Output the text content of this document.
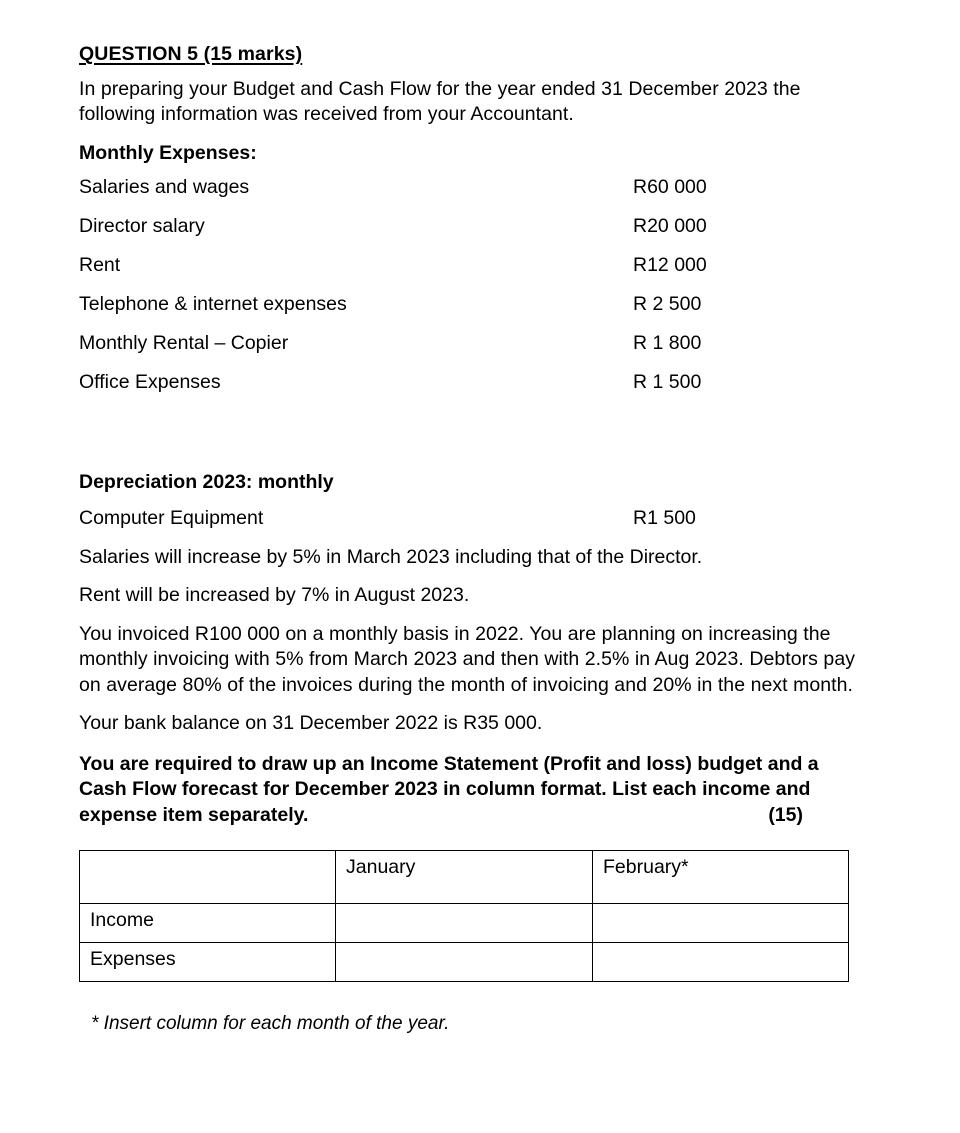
QUESTION 5 (15 marks)

In preparing your Budget and Cash Flow for the year ended 31 December 2023 the following information was received from your Accountant.

Monthly Expenses:
Salaries and wages	R60 000
Director salary	R20 000
Rent	R12 000
Telephone & internet expenses	R 2 500
Monthly Rental – Copier	R 1 800
Office Expenses	R 1 500
Depreciation 2023: monthly
Computer Equipment	R1 500
Salaries will increase by 5% in March 2023 including that of the Director.
Rent will be increased by 7% in August 2023.

You invoiced R100 000 on a monthly basis in 2022. You are planning on increasing the monthly invoicing with 5% from March 2023 and then with 2.5% in Aug 2023. Debtors pay on average 80% of the invoices during the month of invoicing and 20% in the next month.

Your bank balance on 31 December 2022 is R35 000.
You are required to draw up an Income Statement (Profit and loss) budget and a Cash Flow forecast for December 2023 in column format. List each income and expense item separately.	(15)
	January	February*
Income		
Expenses		
* Insert column for each month of the year.
